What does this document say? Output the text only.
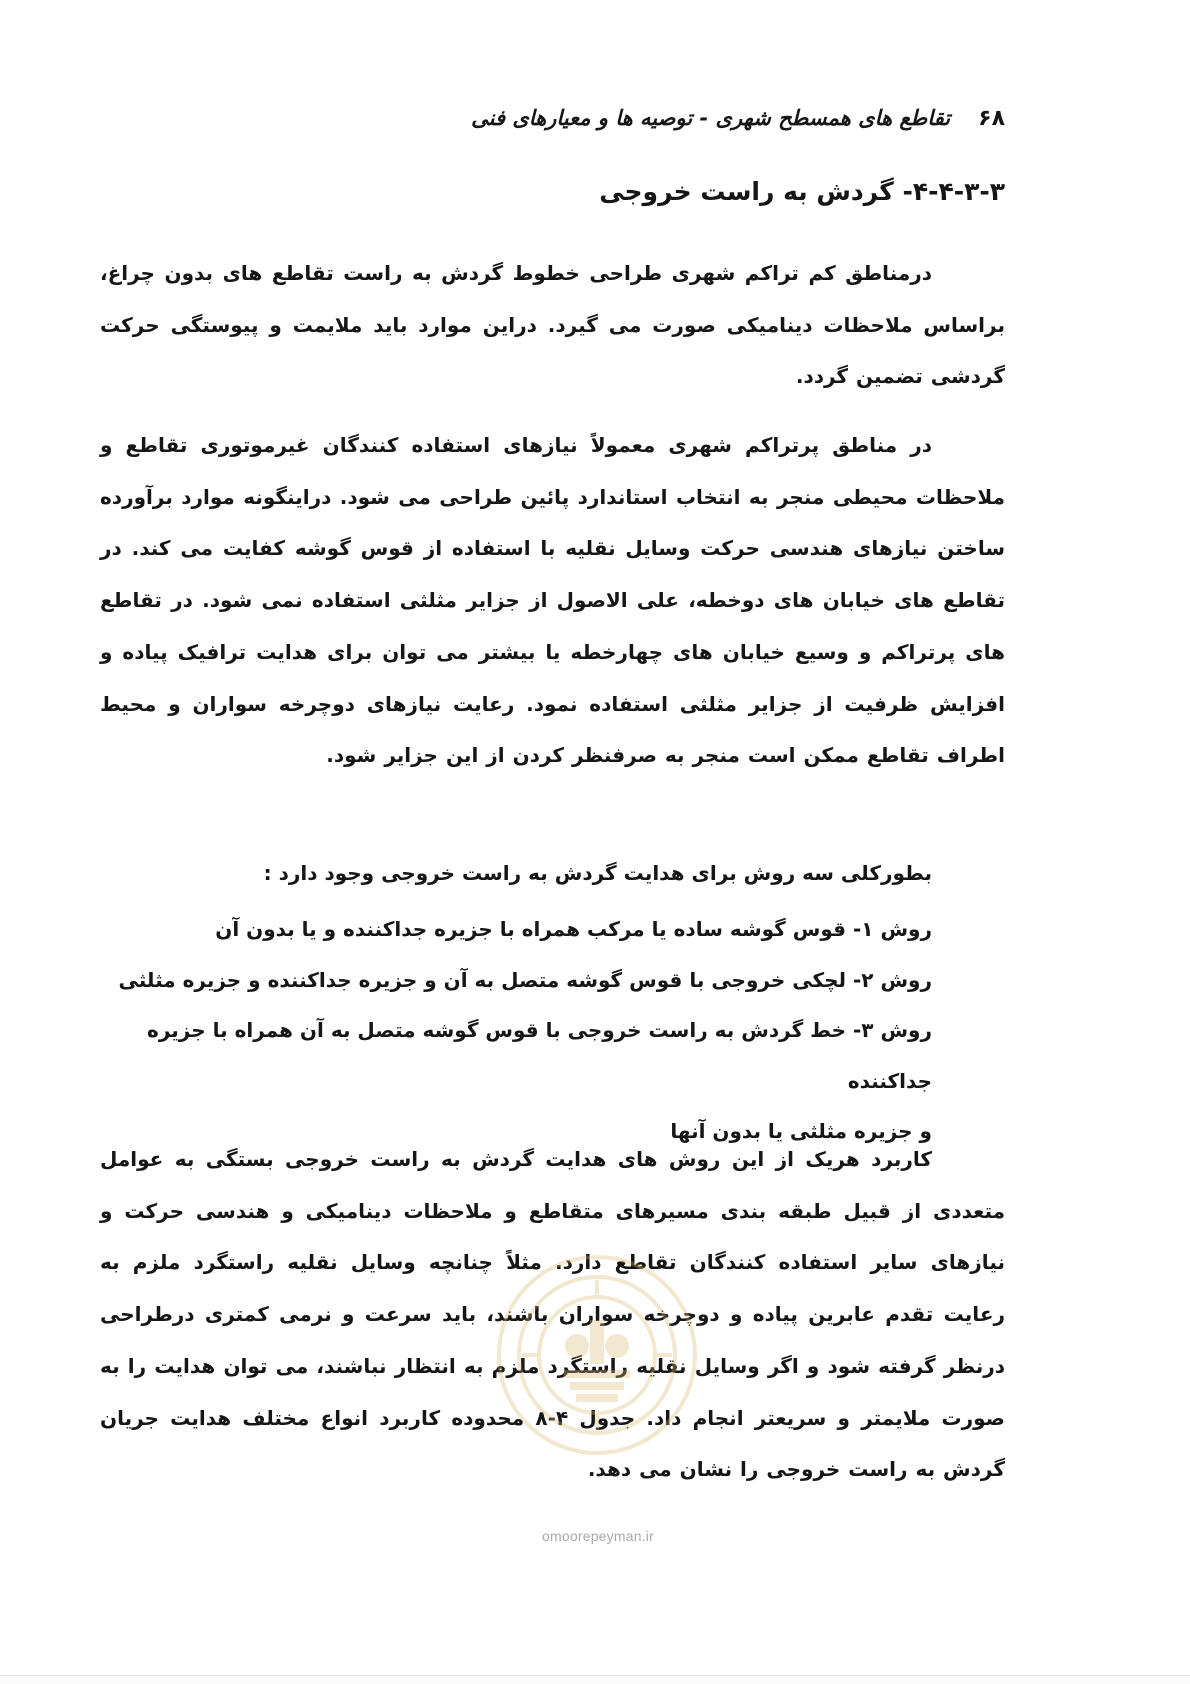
۶۸
تقاطع های همسطح شهری - توصیه ها و معیارهای فنی
۴-۴-۳-۳- گردش به راست خروجی
درمناطق کم تراکم شهری طراحی خطوط گردش به راست تقاطع های بدون چراغ، براساس ملاحظات دینامیکی صورت می گیرد. دراین موارد باید ملایمت و پیوستگی حرکت گردشی تضمین گردد.
در مناطق پرتراکم شهری معمولاً نیازهای استفاده کنندگان غیرموتوری تقاطع و ملاحظات محیطی منجر به انتخاب استاندارد پائین طراحی می شود. دراینگونه موارد برآورده ساختن نیازهای هندسی حرکت وسایل نقلیه با استفاده از قوس گوشه کفایت می کند. در تقاطع های خیابان های دوخطه، علی الاصول از جزایر مثلثی استفاده نمی شود. در تقاطع های پرتراکم و وسیع خیابان های چهارخطه یا بیشتر می توان برای هدایت ترافیک پیاده و افزایش ظرفیت از جزایر مثلثی استفاده نمود. رعایت نیازهای دوچرخه سواران و محیط اطراف تقاطع ممکن است منجر به صرفنظر کردن از این جزایر شود.
بطورکلی سه روش برای هدایت گردش به راست خروجی وجود دارد :
روش ۱- قوس گوشه ساده یا مرکب همراه با جزیره جداکننده و یا بدون آن
روش ۲- لچکی خروجی با قوس گوشه متصل به آن و جزیره جداکننده و جزیره مثلثی
روش ۳- خط گردش به راست خروجی با قوس گوشه متصل به آن همراه با جزیره جداکننده
و جزیره مثلثی یا بدون آنها
کاربرد هریک از این روش های هدایت گردش به راست خروجی بستگی به عوامل متعددی از قبیل طبقه بندی مسیرهای متقاطع و ملاحظات دینامیکی و هندسی حرکت و نیازهای سایر استفاده کنندگان تقاطع دارد. مثلاً چنانچه وسایل نقلیه راستگرد ملزم به رعایت تقدم عابرین پیاده و دوچرخه سواران باشند، باید سرعت و نرمی کمتری درطراحی درنظر گرفته شود و اگر وسایل نقلیه راستگرد ملزم به انتظار نباشند، می توان هدایت را به صورت ملایمتر و سریعتر انجام داد. جدول ۴-۸ محدوده کاربرد انواع مختلف هدایت جریان گردش به راست خروجی را نشان می دهد.
omoorepeyman.ir
